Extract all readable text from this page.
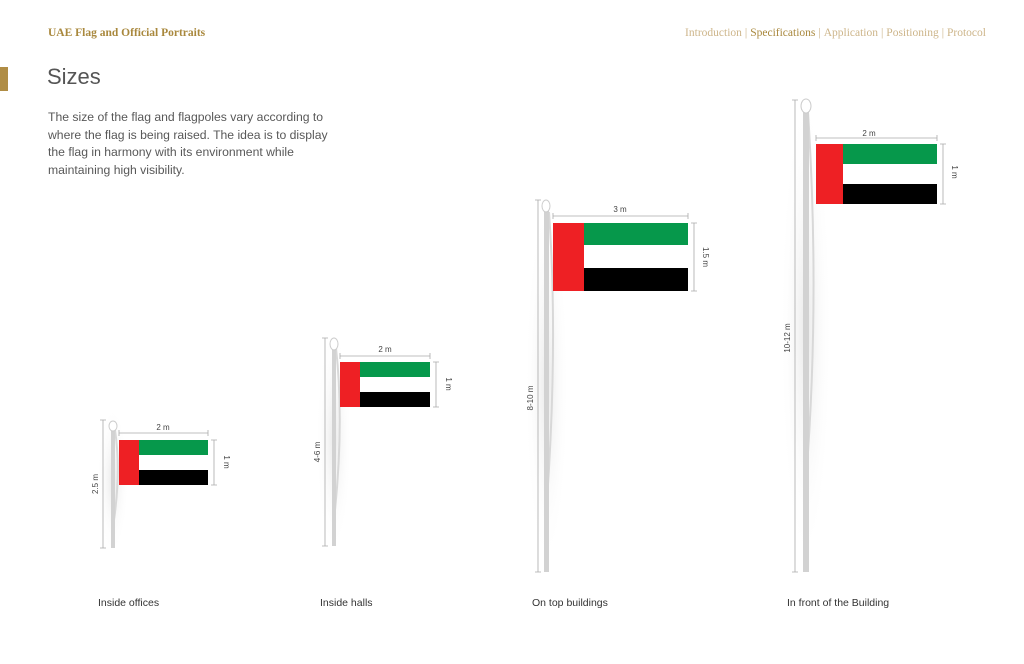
UAE Flag and Official Portraits	Introduction | Specifications | Application | Positioning | Protocol
Sizes
The size of the flag and flagpoles vary according to where the flag is being raised. The idea is to display the flag in harmony with its environment while maintaining high visibility.
2 m
1 m
2.5 m
2 m
1 m
4-6 m
3 m
1.5 m
8-10 m
2 m
1 m
10-12 m
Inside offices	Inside halls	On top buildings	In front of the Building
